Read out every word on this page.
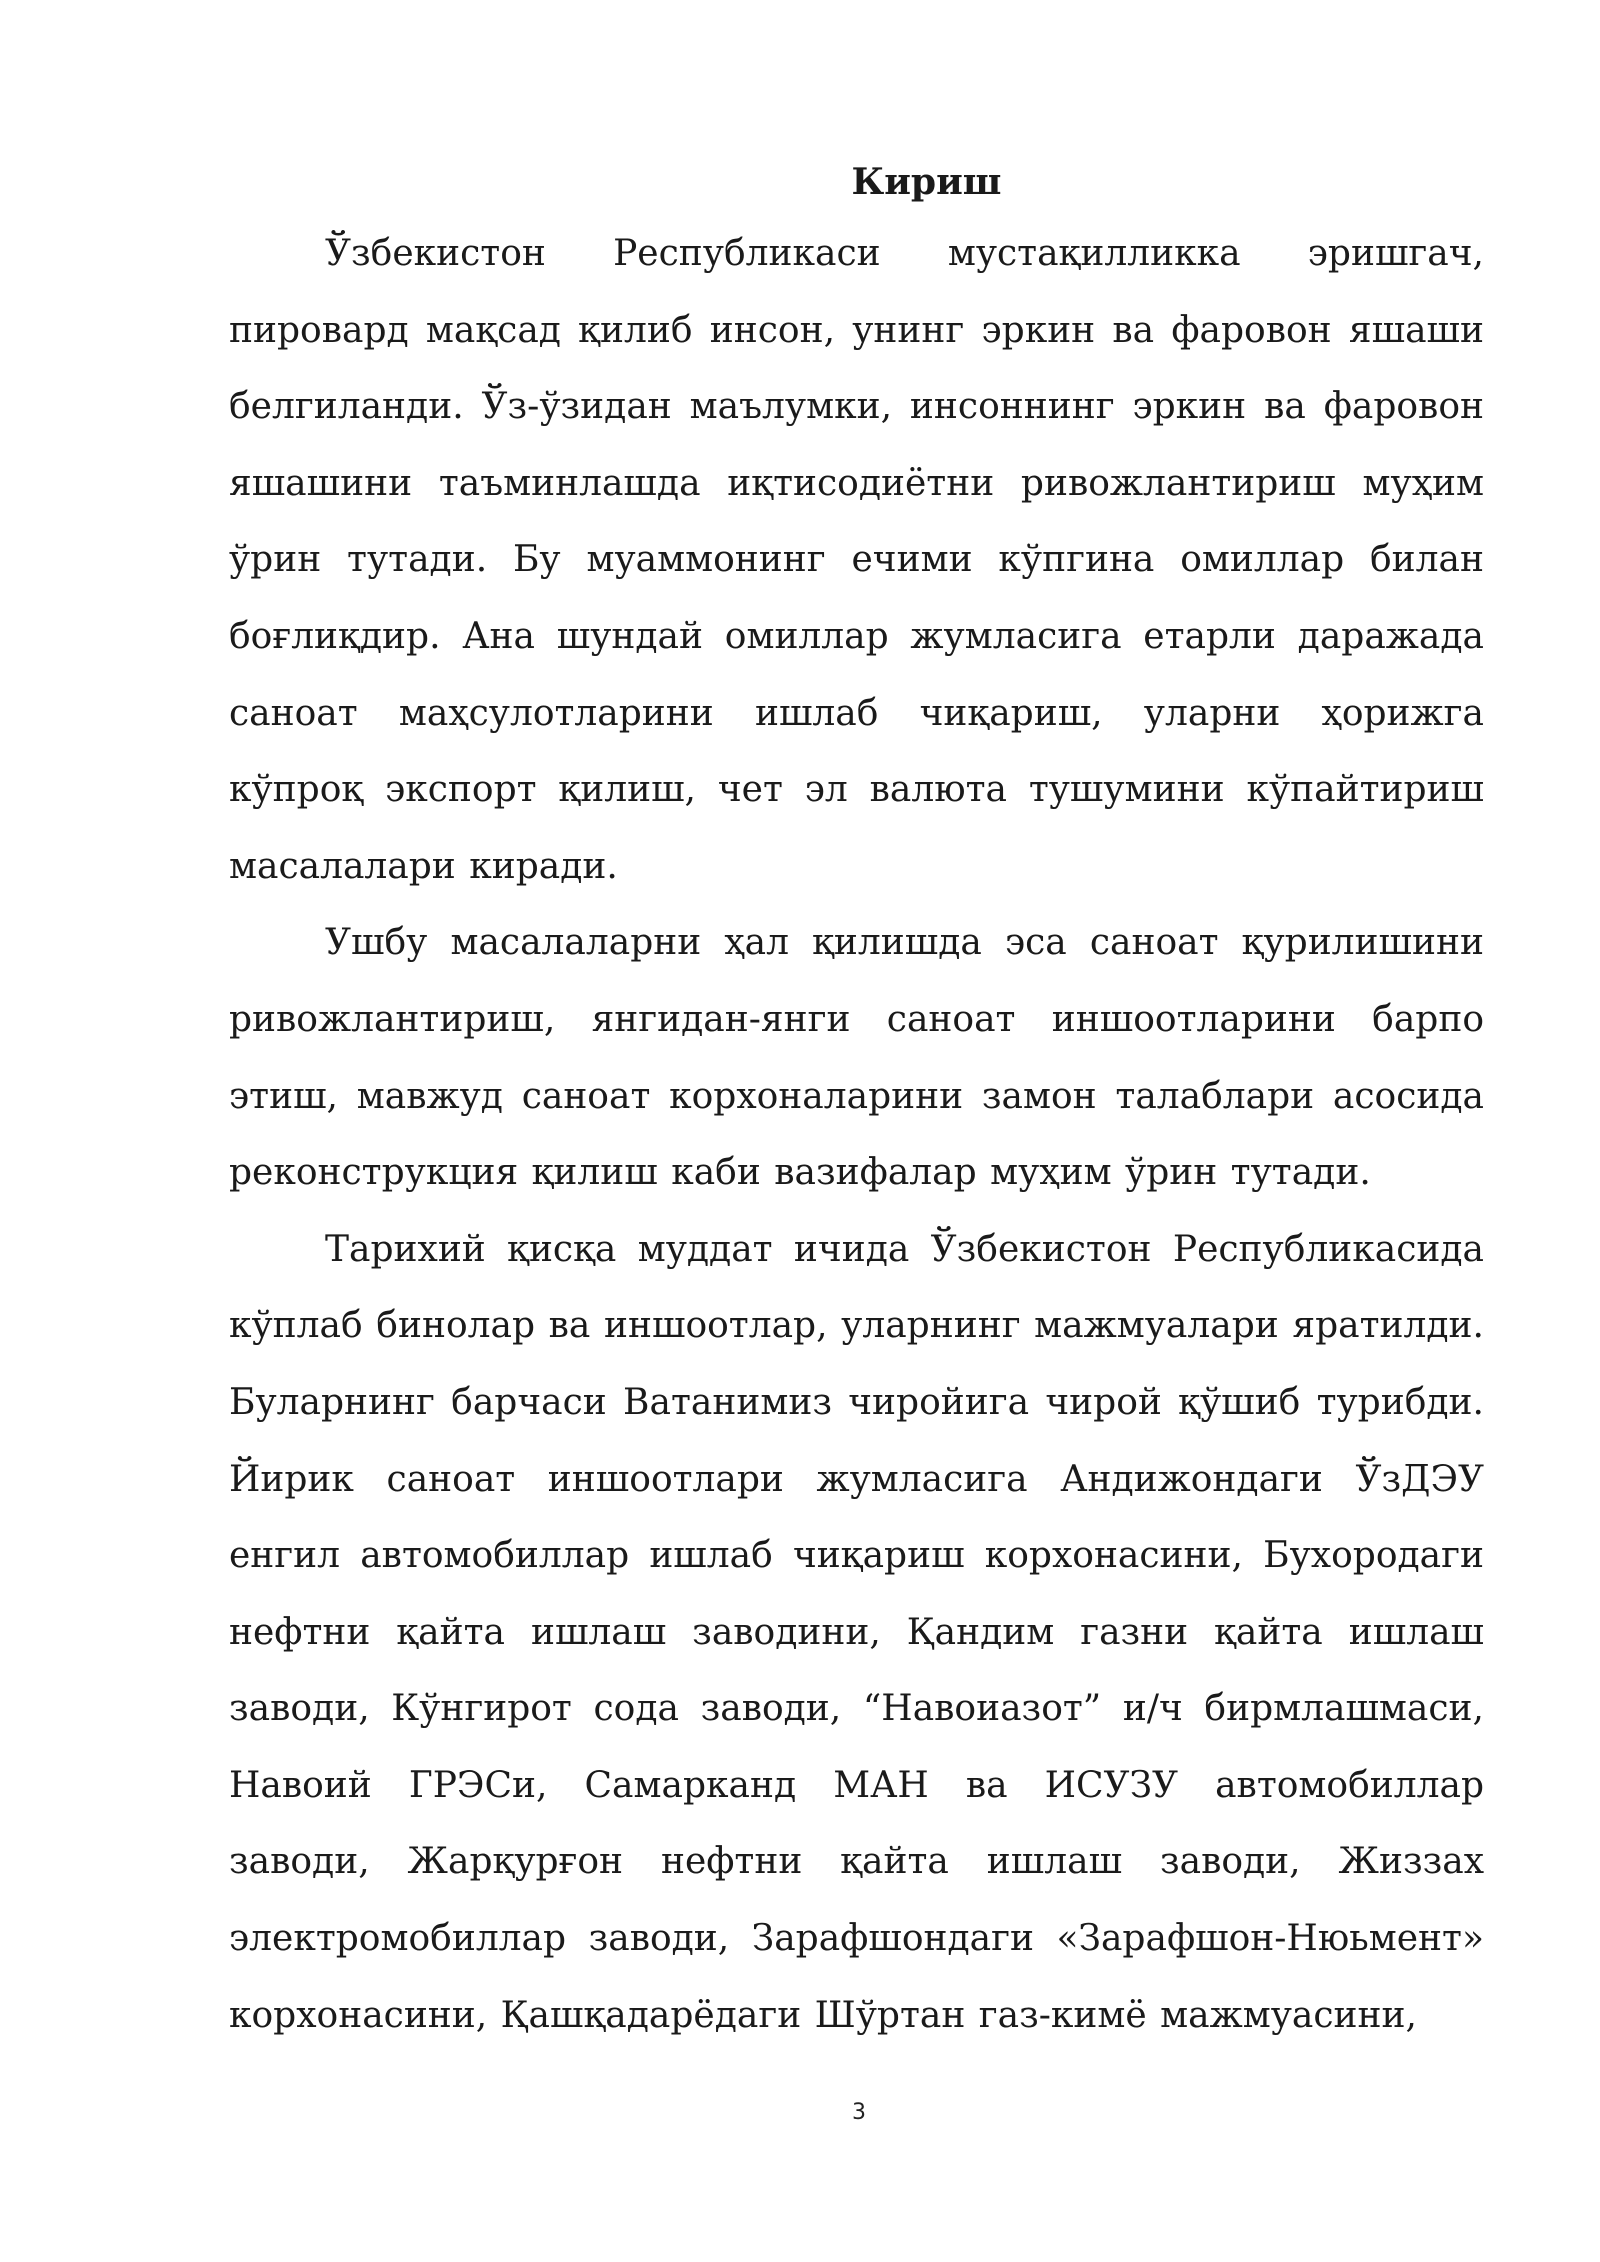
Кириш

Ўзбекистон Республикаси мустақилликка эришгач, пировард мақсад қилиб инсон, унинг эркин ва фаровон яшаши белгиланди. Ўз-ўзидан маълумки, инсоннинг эркин ва фаровон яшашини таъминлашда иқтисодиётни ривожлантириш муҳим ўрин тутади. Бу муаммонинг ечими кўпгина омиллар билан боғлиқдир. Ана шундай омиллар жумласига етарли даражада саноат маҳсулотларини ишлаб чиқариш, уларни ҳорижга кўпроқ экспорт қилиш, чет эл валюта тушумини кўпайтириш масалалари киради.

Ушбу масалаларни ҳал қилишда эса саноат қурилишини ривожлантириш, янгидан-янги саноат иншоотларини барпо этиш, мавжуд саноат корхоналарини замон талаблари асосида реконструкция қилиш каби вазифалар муҳим ўрин тутади.

Тарихий қисқа муддат ичида Ўзбекистон Республикасида кўплаб бинолар ва иншоотлар, уларнинг мажмуалари яратилди. Буларнинг барчаси Ватанимиз чиройига чирой қўшиб турибди. Йирик саноат иншоотлари жумласига Андижондаги ЎзДЭУ енгил автомобиллар ишлаб чиқариш корхонасини, Бухородаги нефтни қайта ишлаш заводини, Қандим газни қайта ишлаш заводи, Кўнгирот сода заводи, “Навоиазот” и/ч бирмлашмаси, Навоий ГРЭСи, Самарканд МАН ва ИСУЗУ автомобиллар заводи, Жарқурғон нефтни қайта ишлаш заводи, Жиззах электромобиллар заводи, Зарафшондаги «Зарафшон-Нюьмент» корхонасини, Қашқадарёдаги Шўртан газ-кимё мажмуасини,

3
